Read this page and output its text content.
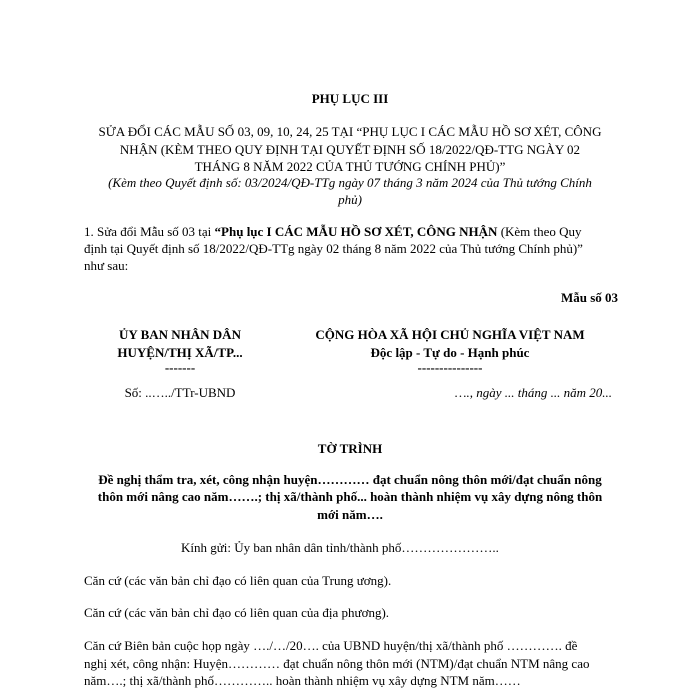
PHỤ LỤC III
SỬA ĐỔI CÁC MẪU SỐ 03, 09, 10, 24, 25 TẠI “PHỤ LỤC I CÁC MẪU HỒ SƠ XÉT, CÔNG
NHẬN (KÈM THEO QUY ĐỊNH TẠI QUYẾT ĐỊNH SỐ 18/2022/QĐ-TTG NGÀY 02
THÁNG 8 NĂM 2022 CỦA THỦ TƯỚNG CHÍNH PHỦ)”
(Kèm theo Quyết định số: 03/2024/QĐ-TTg ngày 07 tháng 3 năm 2024 của Thủ tướng Chính
phủ)
1. Sửa đổi Mẫu số 03 tại “Phụ lục I CÁC MẪU HỒ SƠ XÉT, CÔNG NHẬN (Kèm theo Quy
định tại Quyết định số 18/2022/QĐ-TTg ngày 02 tháng 8 năm 2022 của Thủ tướng Chính phủ)”
như sau:
Mẫu số 03
ỦY BAN NHÂN DÂN
HUYỆN/THỊ XÃ/TP...
-------
Số: ..…../TTr-UBND
CỘNG HÒA XÃ HỘI CHỦ NGHĨA VIỆT NAM
Độc lập - Tự do - Hạnh phúc
---------------
…., ngày ... tháng ... năm 20...
TỜ TRÌNH
Đề nghị thẩm tra, xét, công nhận huyện………… đạt chuẩn nông thôn mới/đạt chuẩn nông
thôn mới nâng cao năm…….; thị xã/thành phố... hoàn thành nhiệm vụ xây dựng nông thôn
mới năm….
Kính gửi: Ủy ban nhân dân tỉnh/thành phố…………………..
Căn cứ (các văn bản chỉ đạo có liên quan của Trung ương).
Căn cứ (các văn bản chỉ đạo có liên quan của địa phương).
Căn cứ Biên bản cuộc họp ngày …./…/20…. của UBND huyện/thị xã/thành phố …………. đề
nghị xét, công nhận: Huyện………… đạt chuẩn nông thôn mới (NTM)/đạt chuẩn NTM nâng cao
năm….; thị xã/thành phố………….. hoàn thành nhiệm vụ xây dựng NTM năm……
